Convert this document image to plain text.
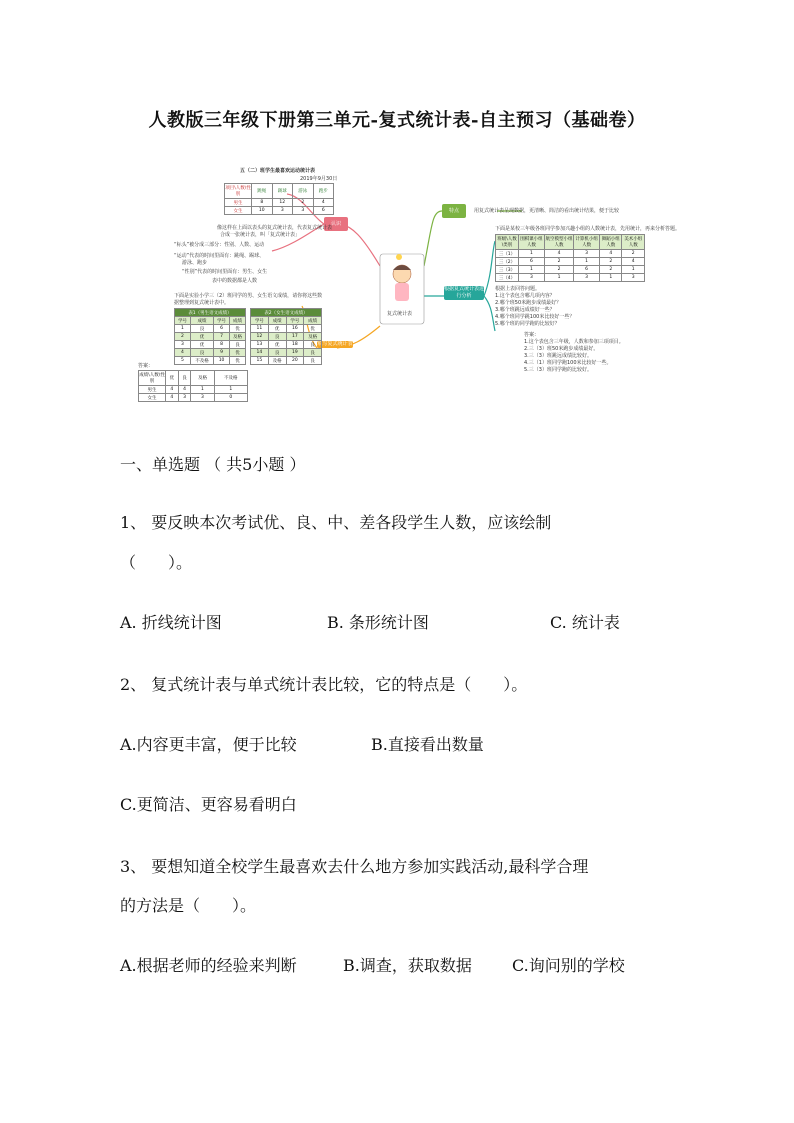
人教版三年级下册第三单元-复式统计表-自主预习（基础卷）
复式统计表
认识
特点
填写复式统计表
根据复式统计表进行分析
用复式统计表呈现数据，更清晰、简洁的看出统计结果，便于比较
五（二）班学生最喜欢运动统计表
2019年9月30日
项目\人数\性别	跳绳	踢球	游泳	跑步
男生	8	12	2	4
女生	10	3	3	6
像这样在上面以表头的复式统计表，代表复式统计表
合成一张统计表，叫「复式统计表」
“标头”被分成三部分：性别、人数、运动
“运动”代表的时间里面有：跳绳、踢球、
游泳、跑步
“性别”代表的时间里面有：男生、女生
表中的数据都是人数
下面是实验小学三（2）班同学的男、女生语文成绩，请你将这些数
据整理到复式统计表中。
表1（男生语文成绩）			
学号	成绩	学号	成绩
1	良	6	优
2	优	7	及格
3	优	8	良
4	良	9	优
5	不及格	10	优
表2（女生语文成绩）			
学号	成绩	学号	成绩
11	优	16	优
12	良	17	及格
13	优	18	良
14	良	19	良
15	及格	20	良
答案：
成绩\人数\性别	优	良	及格	不及格
男生	4	4	1	1
女生	4	3	3	0
下面是某校三年级各班同学参加兴趣小组的人数统计表，先用统计，再来分析答题。
班级\人数\类别	围棋课小组人数	航空模型小组人数	计算机小组人数	舞蹈小组人数	美术小组人数
三（1）	1	4	3	4	2
三（2）	6	2	1	2	4
三（3）	1	2	6	2	1
三（4）	3	1	3	1	3
根据上表回答问题。
1.这个表包含哪几项内容？
2.哪个班50米跑步成绩最好？
3.哪个班跳远成绩好一些？
4.哪个班同学跳100米比较好一些？
5.哪个班的同学跑的比较好？
答案：
1.这个表包含三年级，人数和参加三项项目。
2.三（3）班50米跑步成绩最好。
3.三（3）班跳远成绩比较好。
4.三（1）班同学跑100米比较好一些。
5.三（3）班同学跑的比较好。
一、单选题 （ 共5小题 ）
1、 要反映本次考试优、良、中、差各段学生人数，应该绘制
（　　）。
A. 折线统计图	B. 条形统计图	C. 统计表
2、 复式统计表与单式统计表比较，它的特点是（　　）。
A.内容更丰富，便于比较	B.直接看出数量
C.更简洁、更容易看明白
3、 要想知道全校学生最喜欢去什么地方参加实践活动,最科学合理
的方法是（　　）。
A.根据老师的经验来判断	B.调查，获取数据	C.询问别的学校
